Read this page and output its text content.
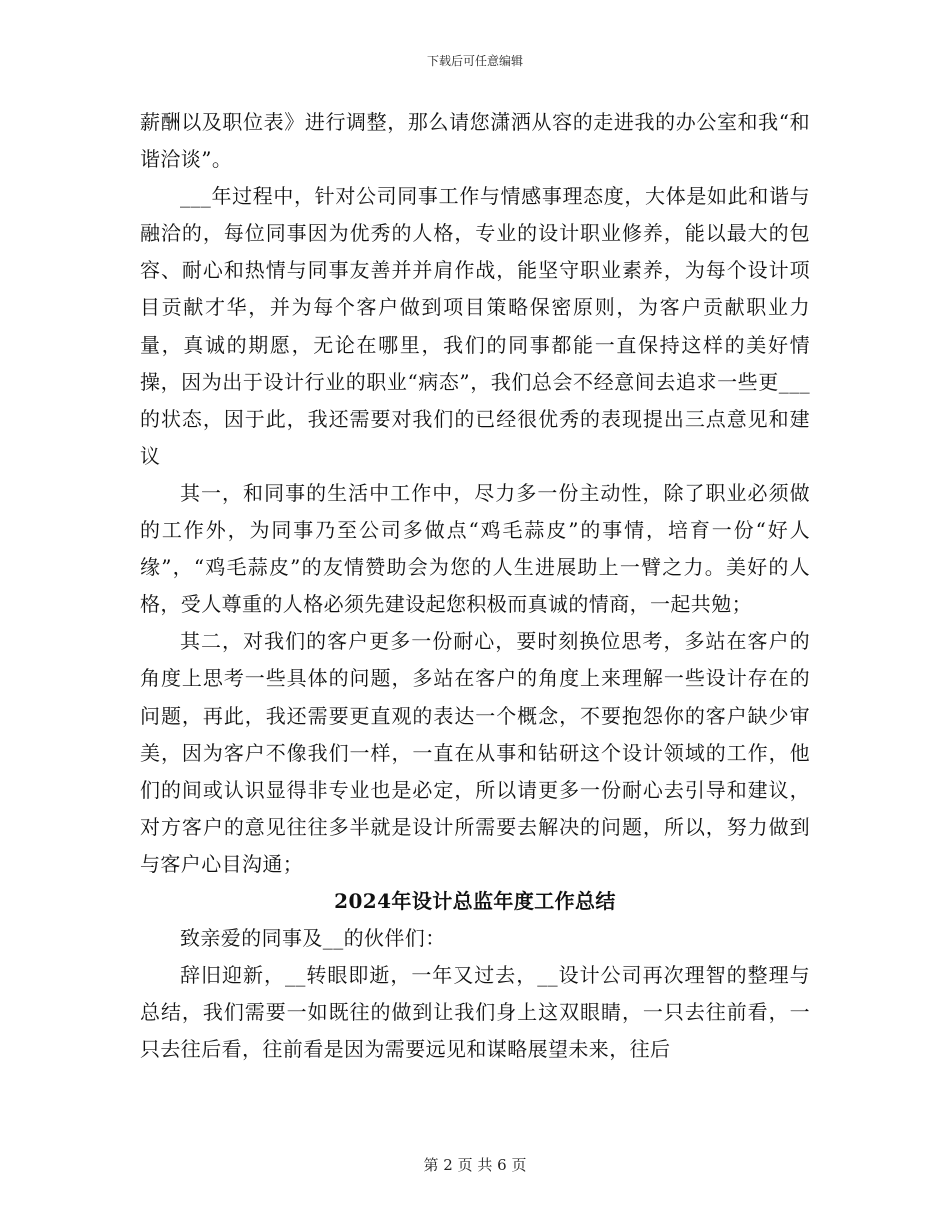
下载后可任意编辑

薪酬以及职位表》进行调整，那么请您潇洒从容的走进我的办公室和我“和谐洽谈”。

___年过程中，针对公司同事工作与情感事理态度，大体是如此和谐与融洽的，每位同事因为优秀的人格，专业的设计职业修养，能以最大的包容、耐心和热情与同事友善并并肩作战，能坚守职业素养，为每个设计项目贡献才华，并为每个客户做到项目策略保密原则，为客户贡献职业力量，真诚的期愿，无论在哪里，我们的同事都能一直保持这样的美好情操，因为出于设计行业的职业“病态”，我们总会不经意间去追求一些更___的状态，因于此，我还需要对我们的已经很优秀的表现提出三点意见和建议

其一，和同事的生活中工作中，尽力多一份主动性，除了职业必须做的工作外，为同事乃至公司多做点“鸡毛蒜皮”的事情，培育一份“好人缘”，“鸡毛蒜皮”的友情赞助会为您的人生进展助上一臂之力。美好的人格，受人尊重的人格必须先建设起您积极而真诚的情商，一起共勉；

其二，对我们的客户更多一份耐心，要时刻换位思考，多站在客户的角度上思考一些具体的问题，多站在客户的角度上来理解一些设计存在的问题，再此，我还需要更直观的表达一个概念，不要抱怨你的客户缺少审美，因为客户不像我们一样，一直在从事和钻研这个设计领域的工作，他们的间或认识显得非专业也是必定，所以请更多一份耐心去引导和建议，对方客户的意见往往多半就是设计所需要去解决的问题，所以，努力做到与客户心目沟通；

2024年设计总监年度工作总结

致亲爱的同事及__的伙伴们：

辞旧迎新，__转眼即逝，一年又过去，__设计公司再次理智的整理与总结，我们需要一如既往的做到让我们身上这双眼睛，一只去往前看，一只去往后看，往前看是因为需要远见和谋略展望未来，往后

第 2 页 共 6 页
